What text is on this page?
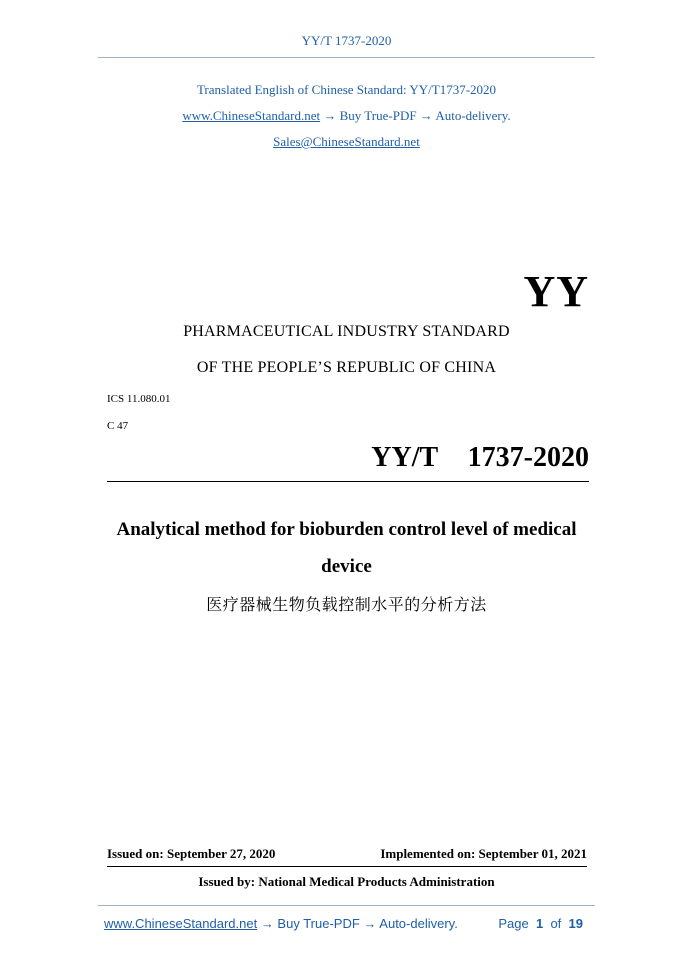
YY/T 1737-2020
Translated English of Chinese Standard: YY/T1737-2020
www.ChineseStandard.net → Buy True-PDF → Auto-delivery.
Sales@ChineseStandard.net
YY
PHARMACEUTICAL INDUSTRY STANDARD
OF THE PEOPLE’S REPUBLIC OF CHINA
ICS 11.080.01
C 47
YY/T  1737-2020
Analytical method for bioburden control level of medical
device
医疗器械生物负载控制水平的分析方法
Issued on: September 27, 2020	Implemented on: September 01, 2021
Issued by: National Medical Products Administration
www.ChineseStandard.net → Buy True-PDF → Auto-delivery.	Page 1 of 19
